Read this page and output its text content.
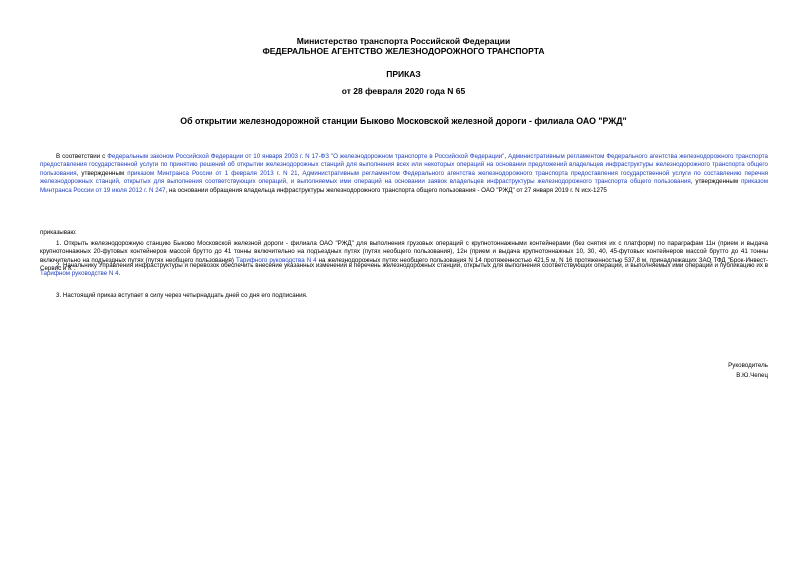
Министерство транспорта Российской Федерации
ФЕДЕРАЛЬНОЕ АГЕНТСТВО ЖЕЛЕЗНОДОРОЖНОГО ТРАНСПОРТА
ПРИКАЗ
от 28 февраля 2020 года N 65
Об открытии железнодорожной станции Быково Московской железной дороги - филиала ОАО "РЖД"
В соответствии с Федеральным законом Российской Федерации от 10 января 2003 г. N 17-ФЗ "О железнодорожном транспорте в Российской Федерации", Административным регламентом Федерального агентства железнодорожного транспорта предоставления государственной услуги по принятию решений об открытии железнодорожных станций для выполнения всех или некоторых операций на основании предложений владельцев инфраструктуры железнодорожного транспорта общего пользования, утвержденным приказом Минтранса России от 1 февраля 2013 г. N 21, Административным регламентом Федерального агентства железнодорожного транспорта предоставления государственной услуги по составлению перечня железнодорожных станций, открытых для выполнения соответствующих операций, и выполняемых ими операций на основании заявок владельцев инфраструктуры железнодорожного транспорта общего пользования, утвержденным приказом Минтранса России от 19 июля 2012 г. N 247, на основании обращения владельца инфраструктуры железнодорожного транспорта общего пользования - ОАО "РЖД" от 27 января 2019 г. N исх-1275
приказываю:
1. Открыть железнодорожную станцию Быково Московской железной дороги - филиала ОАО "РЖД" для выполнения грузовых операций с крупнотоннажными контейнерами (без снятия их с платформ) по параграфам 11н (прием и выдача крупнотоннажных 20-футовых контейнеров массой брутто до 41 тонны включительно на подъездных путях (путях необщего пользования), 12н (прием и выдача крупнотоннажных 10, 30, 40, 45-футовых контейнеров массой брутто до 41 тонны включительно на подъездных путях (путях необщего пользования) Тарифного руководства N 4 на железнодорожных путях необщего пользования N 14 протяженностью 421,5 м, N 16 протяженностью 537,8 м, принадлежащих ЗАО ТФД "Брок-Инвест-Сервис и К".
2. Начальнику Управления инфраструктуры и перевозок обеспечить внесение указанных изменений в перечень железнодорожных станций, открытых для выполнения соответствующих операций, и выполняемых ими операций и публикацию их в Тарифном руководстве N 4.
3. Настоящий приказ вступает в силу через четырнадцать дней со дня его подписания.
Руководитель
В.Ю.Чепец
